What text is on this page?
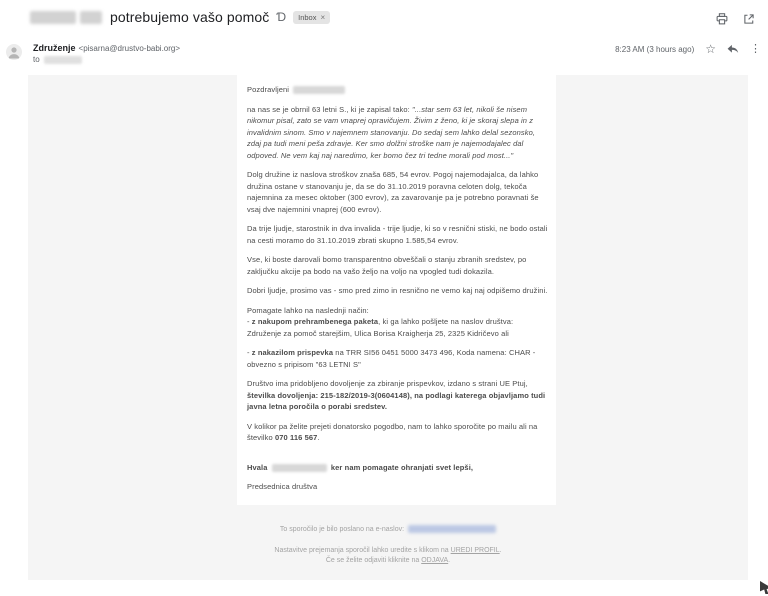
potrebujemo vašo pomoč Ɗ Inbox ×
Združenje <pisarna@drustvo-babi.org>
to
8:23 AM (3 hours ago) ☆	⋮

Pozdravljeni

na nas se je obrnil 63 letni S., ki je zapisal tako: "...star sem 63 let, nikoli še nisem nikomur pisal, zato se vam vnaprej opravičujem. Živim z ženo, ki je skoraj slepa in z invalidnim sinom. Smo v najemnem stanovanju. Do sedaj sem lahko delal sezonsko, zdaj pa tudi meni peša zdravje. Ker smo dolžni stroške nam je najemodajalec dal odpoved. Ne vem kaj naj naredimo, ker bomo čez tri tedne morali pod most..."

Dolg družine iz naslova stroškov znaša 685, 54 evrov. Pogoj najemodajalca, da lahko družina ostane v stanovanju je, da se do 31.10.2019 poravna celoten dolg, tekoča najemnina za mesec oktober (300 evrov), za zavarovanje pa je potrebno poravnati še vsaj dve najemnini vnaprej (600 evrov).

Da trije ljudje, starostnik in dva invalida - trije ljudje, ki so v resnični stiski, ne bodo ostali na cesti moramo do 31.10.2019 zbrati skupno 1.585,54 evrov.

Vse, ki boste darovali bomo transparentno obveščali o stanju zbranih sredstev, po zaključku akcije pa bodo na vašo željo na voljo na vpogled tudi dokazila.

Dobri ljudje, prosimo vas - smo pred zimo in resnično ne vemo kaj naj odpišemo družini.

Pomagate lahko na naslednji način:
- z nakupom prehrambenega paketa, ki ga lahko pošljete na naslov društva: Združenje za pomoč starejšim, Ulica Borisa Kraigherja 25, 2325 Kidričevo ali

- z nakazilom prispevka na TRR SI56 0451 5000 3473 496, Koda namena: CHAR - obvezno s pripisom "63 LETNI S"

Društvo ima pridobljeno dovoljenje za zbiranje prispevkov, izdano s strani UE Ptuj, številka dovoljenja: 215-182/2019-3(0604148), na podlagi katerega objavljamo tudi javna letna poročila o porabi sredstev.

V kolikor pa želite prejeti donatorsko pogodbo, nam to lahko sporočite po mailu ali na številko 070 116 567.

Hvala	ker nam pomagate ohranjati svet lepši,

Predsednica društva

To sporočilo je bilo poslano na e-naslov:
Nastavitve prejemanja sporočil lahko uredite s klikom na UREDI PROFIL.
Če se želite odjaviti kliknite na ODJAVA.
